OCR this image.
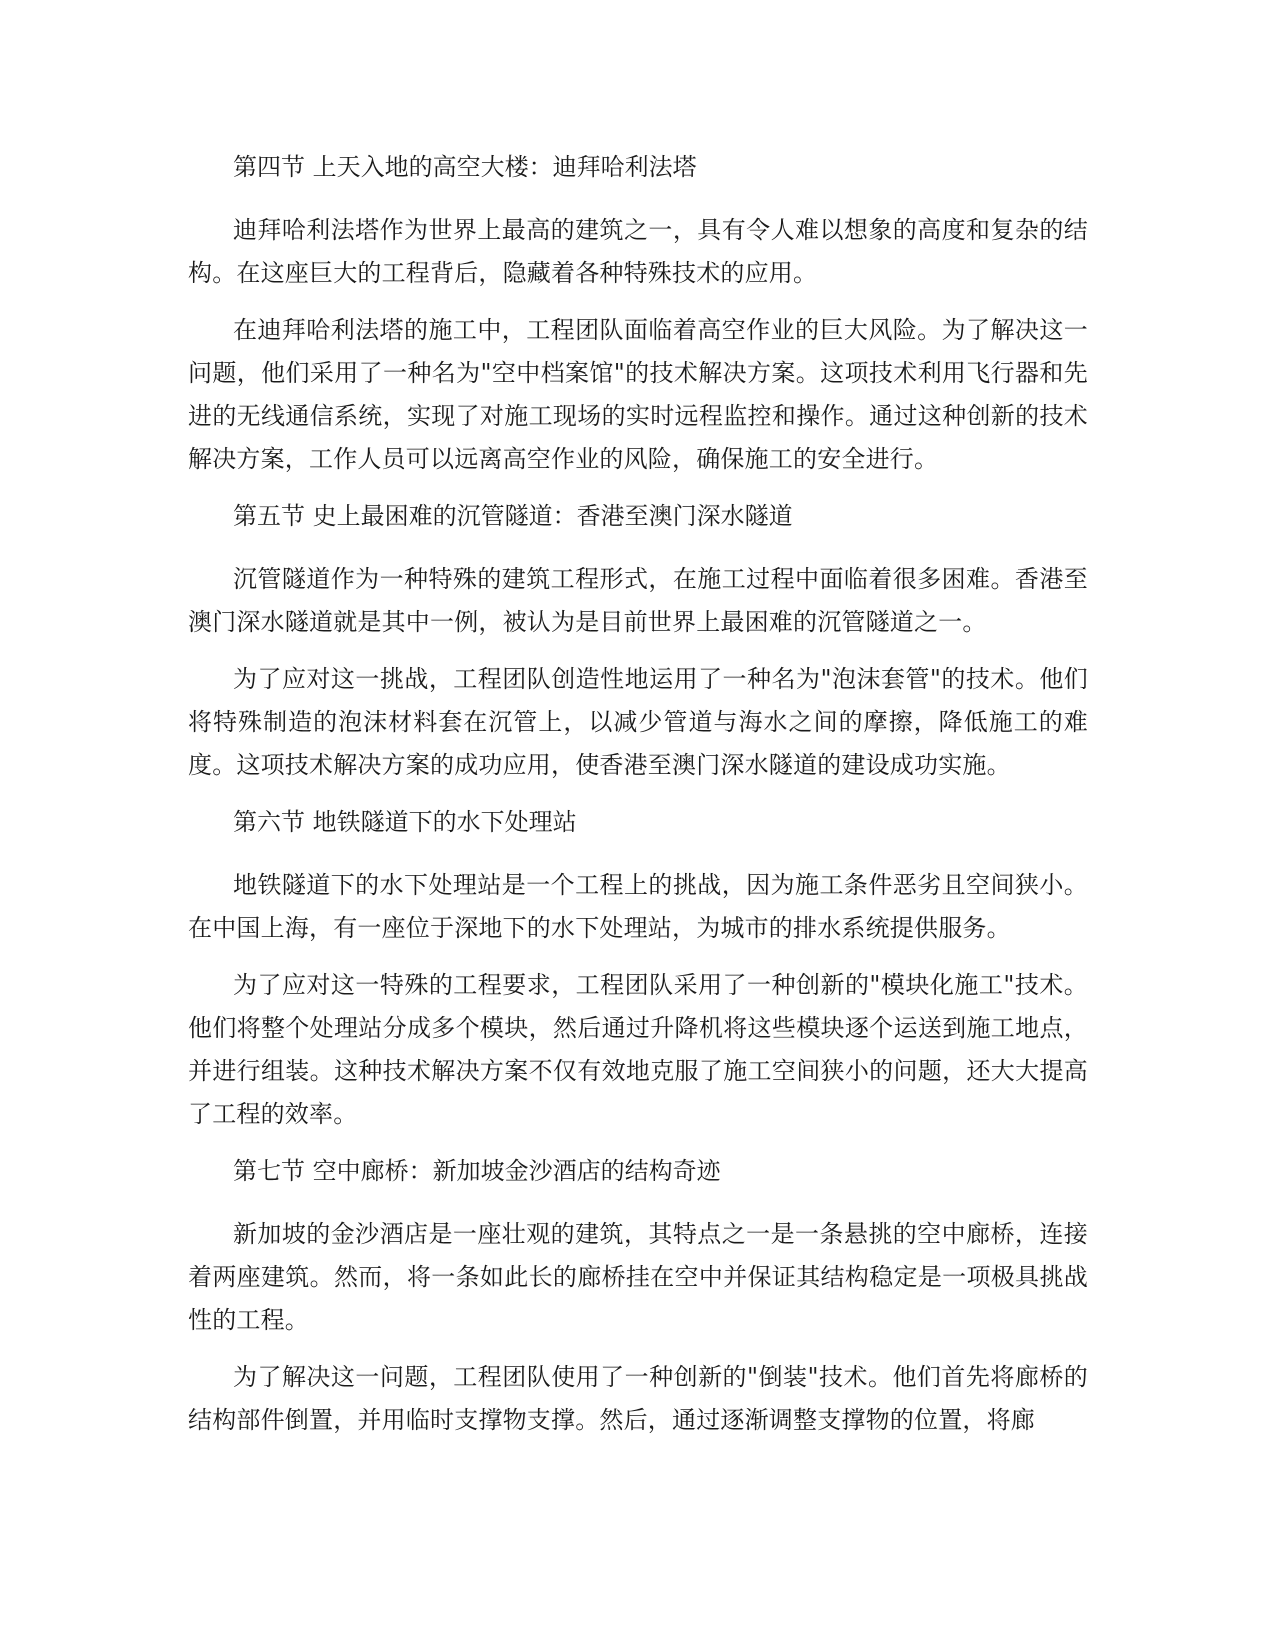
第四节 上天入地的高空大楼：迪拜哈利法塔

迪拜哈利法塔作为世界上最高的建筑之一，具有令人难以想象的高度和复杂的结构。在这座巨大的工程背后，隐藏着各种特殊技术的应用。

在迪拜哈利法塔的施工中，工程团队面临着高空作业的巨大风险。为了解决这一问题，他们采用了一种名为"空中档案馆"的技术解决方案。这项技术利用飞行器和先进的无线通信系统，实现了对施工现场的实时远程监控和操作。通过这种创新的技术解决方案，工作人员可以远离高空作业的风险，确保施工的安全进行。

第五节 史上最困难的沉管隧道：香港至澳门深水隧道

沉管隧道作为一种特殊的建筑工程形式，在施工过程中面临着很多困难。香港至澳门深水隧道就是其中一例，被认为是目前世界上最困难的沉管隧道之一。

为了应对这一挑战，工程团队创造性地运用了一种名为"泡沫套管"的技术。他们将特殊制造的泡沫材料套在沉管上，以减少管道与海水之间的摩擦，降低施工的难度。这项技术解决方案的成功应用，使香港至澳门深水隧道的建设成功实施。

第六节 地铁隧道下的水下处理站

地铁隧道下的水下处理站是一个工程上的挑战，因为施工条件恶劣且空间狭小。在中国上海，有一座位于深地下的水下处理站，为城市的排水系统提供服务。

为了应对这一特殊的工程要求，工程团队采用了一种创新的"模块化施工"技术。他们将整个处理站分成多个模块，然后通过升降机将这些模块逐个运送到施工地点，并进行组装。这种技术解决方案不仅有效地克服了施工空间狭小的问题，还大大提高了工程的效率。

第七节 空中廊桥：新加坡金沙酒店的结构奇迹

新加坡的金沙酒店是一座壮观的建筑，其特点之一是一条悬挑的空中廊桥，连接着两座建筑。然而，将一条如此长的廊桥挂在空中并保证其结构稳定是一项极具挑战性的工程。

为了解决这一问题，工程团队使用了一种创新的"倒装"技术。他们首先将廊桥的结构部件倒置，并用临时支撑物支撑。然后，通过逐渐调整支撑物的位置，将廊
